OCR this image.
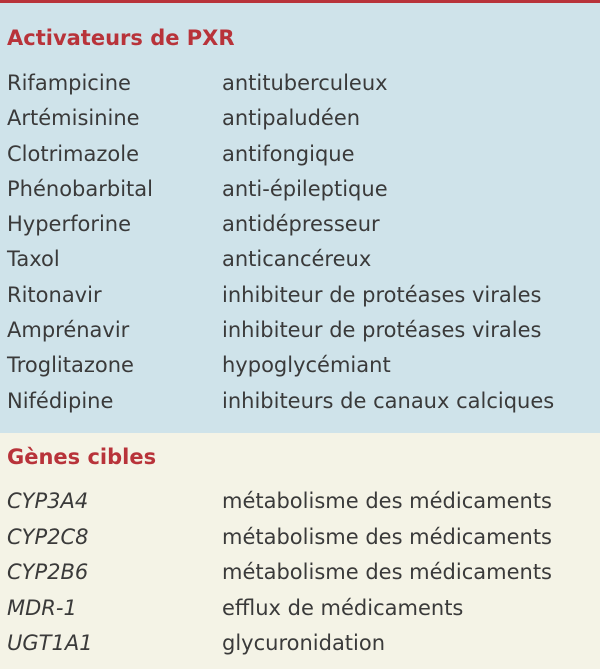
Activateurs de PXR
Rifampicine	antituberculeux
Artémisinine	antipaludéen
Clotrimazole	antifongique
Phénobarbital	anti-épileptique
Hyperforine	antidépresseur
Taxol	anticancéreux
Ritonavir	inhibiteur de protéases virales
Amprénavir	inhibiteur de protéases virales
Troglitazone	hypoglycémiant
Nifédipine	inhibiteurs de canaux calciques
Gènes cibles
CYP3A4	métabolisme des médicaments
CYP2C8	métabolisme des médicaments
CYP2B6	métabolisme des médicaments
MDR-1	efflux de médicaments
UGT1A1	glycuronidation
